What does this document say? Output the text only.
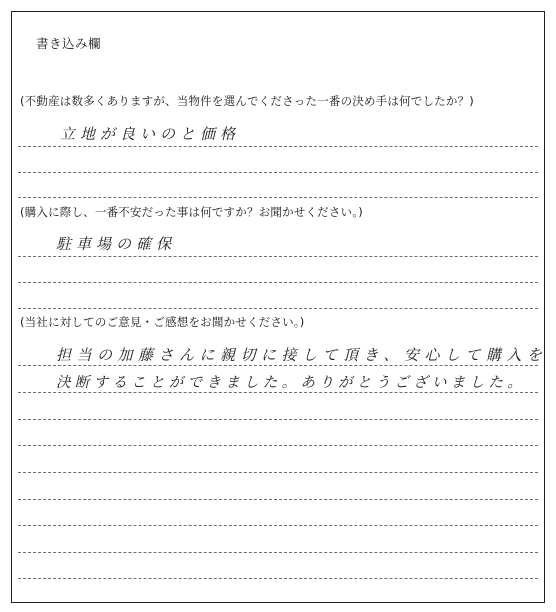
書き込み欄
(不動産は数多くありますが、当物件を選んでくださった一番の決め手は何でしたか？)
立地が良いのと価格
(購入に際し、一番不安だった事は何ですか？お聞かせください。)
駐車場の確保
(当社に対してのご意見・ご感想をお聞かせください。)
担当の加藤さんに親切に接して頂き、安心して購入を
決断することができました。ありがとうございました。
